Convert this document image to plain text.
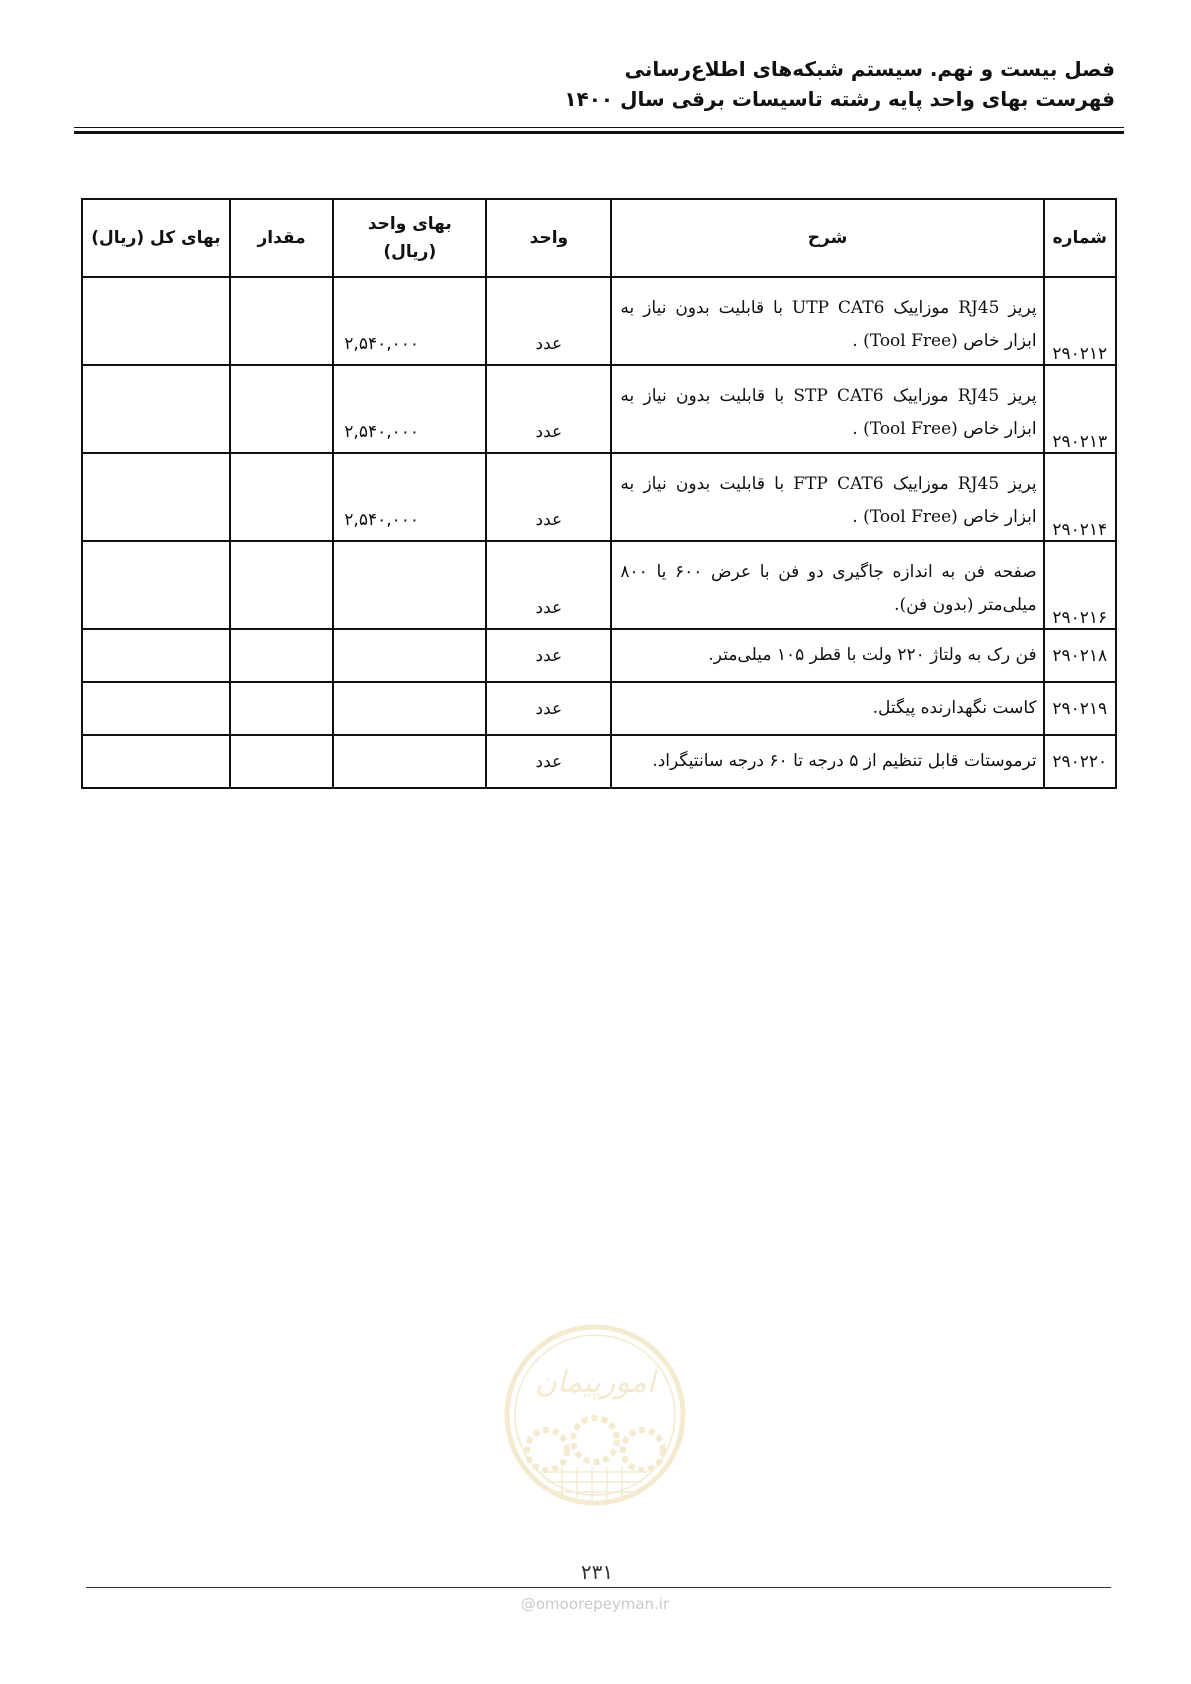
فصل بیست و نهم. سیستم شبکه‌های اطلاع‌رسانی

فهرست بهای واحد پایه رشته تاسیسات برقی سال ۱۴۰۰

شماره	شرح	واحد	بهای واحد (ریال)	مقدار	بهای کل (ریال)
۲۹۰۲۱۲	پریز RJ45 موزاییک UTP CAT6 با قابلیت بدون نیاز به ابزار خاص (Tool Free) .	عدد	۲,۵۴۰,۰۰۰		
۲۹۰۲۱۳	پریز RJ45 موزاییک STP CAT6 با قابلیت بدون نیاز به ابزار خاص (Tool Free) .	عدد	۲,۵۴۰,۰۰۰		
۲۹۰۲۱۴	پریز RJ45 موزاییک FTP CAT6 با قابلیت بدون نیاز به ابزار خاص (Tool Free) .	عدد	۲,۵۴۰,۰۰۰		
۲۹۰۲۱۶	صفحه فن به اندازه جاگیری دو فن با عرض ۶۰۰ یا ۸۰۰ میلی‌متر (بدون فن).	عدد			
۲۹۰۲۱۸	فن رک به ولتاژ ۲۲۰ ولت با قطر ۱۰۵ میلی‌متر.	عدد			
۲۹۰۲۱۹	کاست نگهدارنده پیگتل.	عدد			
۲۹۰۲۲۰	ترموستات قابل تنظیم از ۵ درجه تا ۶۰ درجه سانتیگراد.	عدد			
امورپیمان
۲۳۱
@omoorepeyman.ir
